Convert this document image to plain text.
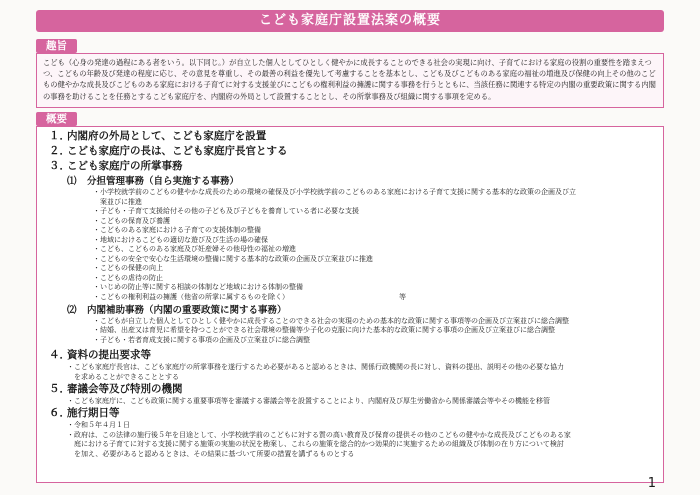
こども家庭庁設置法案の概要
趣旨
こども（心身の発達の過程にある者をいう。以下同じ。）が自立した個人としてひとしく健やかに成長することのできる社会の実現に向け、子育てにおける家庭の役割の重要性を踏まえつつ、こどもの年齢及び発達の程度に応じ、その意見を尊重し、その最善の利益を優先して考慮することを基本とし、こども及びこどものある家庭の福祉の増進及び保健の向上その他のこどもの健やかな成長及びこどものある家庭における子育てに対する支援並びにこどもの権利利益の擁護に関する事務を行うとともに、当該任務に関連する特定の内閣の重要政策に関する内閣の事務を助けることを任務とするこども家庭庁を、内閣府の外局として設置することとし、その所掌事務及び組織に関する事項を定める。
概要
１．内閣府の外局として、こども家庭庁を設置
２．こども家庭庁の長は、こども家庭庁長官とする
３．こども家庭庁の所掌事務
⑴ 分担管理事務（自ら実施する事務）
・小学校就学前のこどもの健やかな成長のための環境の確保及び小学校就学前のこどものある家庭における子育て支援に関する基本的な政策の企画及び立
　案並びに推進
・子ども・子育て支援給付その他の子ども及び子どもを養育している者に必要な支援
・こどもの保育及び養護
・こどものある家庭における子育ての支援体制の整備
・地域におけるこどもの適切な遊び及び生活の場の確保
・こども、こどものある家庭及び妊産婦その他母性の福祉の増進
・こどもの安全で安心な生活環境の整備に関する基本的な政策の企画及び立案並びに推進
・こどもの保健の向上
・こどもの虐待の防止
・いじめの防止等に関する相談の体制など地域における体制の整備
・こどもの権利利益の擁護（他省の所掌に属するものを除く）	等
⑵ 内閣補助事務（内閣の重要政策に関する事務）
・こどもが自立した個人としてひとしく健やかに成長することのできる社会の実現のための基本的な政策に関する事項等の企画及び立案並びに総合調整
・結婚、出産又は育児に希望を持つことができる社会環境の整備等少子化の克服に向けた基本的な政策に関する事項の企画及び立案並びに総合調整
・子ども・若者育成支援に関する事項の企画及び立案並びに総合調整
４．資料の提出要求等
・こども家庭庁長官は、こども家庭庁の所掌事務を遂行するため必要があると認めるときは、関係行政機関の長に対し、資料の提出、説明その他の必要な協力
　を求めることができることとする
５．審議会等及び特別の機関
・こども家庭庁に、こども政策に関する重要事項等を審議する審議会等を設置することにより、内閣府及び厚生労働省から関係審議会等やその機能を移管
６．施行期日等
・令和５年４月１日
・政府は、この法律の施行後５年を目途として、小学校就学前のこどもに対する質の高い教育及び保育の提供その他のこどもの健やかな成長及びこどものある家
　庭における子育てに対する支援に関する施策の実施の状況を勘案し、これらの施策を総合的かつ効果的に実施するための組織及び体制の在り方について検討
　を加え、必要があると認めるときは、その結果に基づいて所要の措置を講ずるものとする
1
